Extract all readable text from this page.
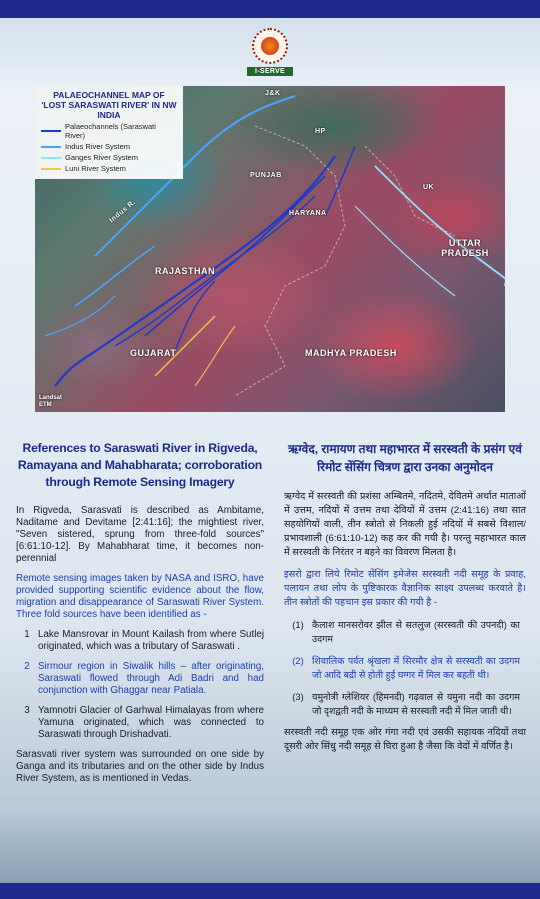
I-SERVE
PALAEOCHANNEL MAP OF 'LOST SARASWATI RIVER' IN NW INDIA
Palaeochannels (Saraswati River)
Indus River System
Ganges River System
Luni River System
J&K
HP
PUNJAB
UK
HARYANA
RAJASTHAN
UTTAR PRADESH
GUJARAT	MADHYA PRADESH
Indus R.
Landsat ETM
References to Saraswati River in Rigveda, Ramayana and Mahabharata; corroboration through Remote Sensing Imagery

In Rigveda, Sarasvati is described as Ambitame, Naditame and Devitame [2:41:16]; the mightiest river, "Seven sistered, sprung from three-fold sources" [6:61:10-12]. By Mahabharat time, it becomes non-perennial

Remote sensing images taken by NASA and ISRO, have provided supporting scientific evidence about the flow, migration and disappearance of Saraswati River System. Three fold sources have been identified as -

1 Lake Mansrovar in Mount Kailash from where Sutlej originated, which was a tributary of Saraswati .
2 Sirmour region in Siwalik hills – after originating, Saraswati flowed through Adi Badri and had conjunction with Ghaggar near Patiala.
3 Yamnotri Glacier of Garhwal Himalayas from where Yamuna originated, which was connected to Saraswati through Drishadvati.

Sarasvati river system was surrounded on one side by Ganga and its tributaries and on the other side by Indus River System, as is mentioned in Vedas.

ऋग्वेद, रामायण तथा महाभारत में सरस्वती के प्रसंग एवं रिमोट सेंसिंग चित्रण द्वारा उनका अनुमोदन

ऋग्वेद में सरस्वती की प्रशंसा अम्बितमे, नदितमे, देवितमे अर्थात माताओं में उत्तम, नदियों में उत्तम तथा देवियों में उत्तम (2:41:16) तथा सात सहयोगियों वाली, तीन स्त्रोतो से निकली हुई नदियों में सबसे विशाल/प्रभावशाली (6:61:10-12) कह कर की गयी है। परन्तु महाभारत काल में सरस्वती के निरंतर न बहने का विवरण मिलता है।

इसरो द्वारा लिये रिमोट सेंसिंग इमेजेस सरस्वती नदी समूह के प्रवाह, पलायन तथा लोप के पुष्टिकारक वैज्ञानिक साक्ष्य उपलब्ध करवाते है। तीन स्त्रोतों की पहचान इस प्रकार की गयी है -

(1) कैलाश मानसरोवर झील से सतलुज (सरस्वती की उपनदी) का उदगम
(2) शिवालिक पर्वत श्रृंखला में सिरमौर क्षेत्र से सरस्वती का उदगम जो आदि बद्री से होती हुई घग्गर में मिल कर बहती थी।
(3) यमुनोत्री ग्लेशियर (हिमनदी) गढ़वाल से यमुना नदी का उदगम जो दृशद्वती नदी के माध्यम से सरस्वती नदी में मिल जाती थी।

सरस्वती नदी समूह एक ओर गंगा नदी एवं उसकी सहायक नदियों तथा दूसरी ओर सिंधु नदी समूह से घिरा हुआ है जैसा कि वेदों में वर्णित है।
